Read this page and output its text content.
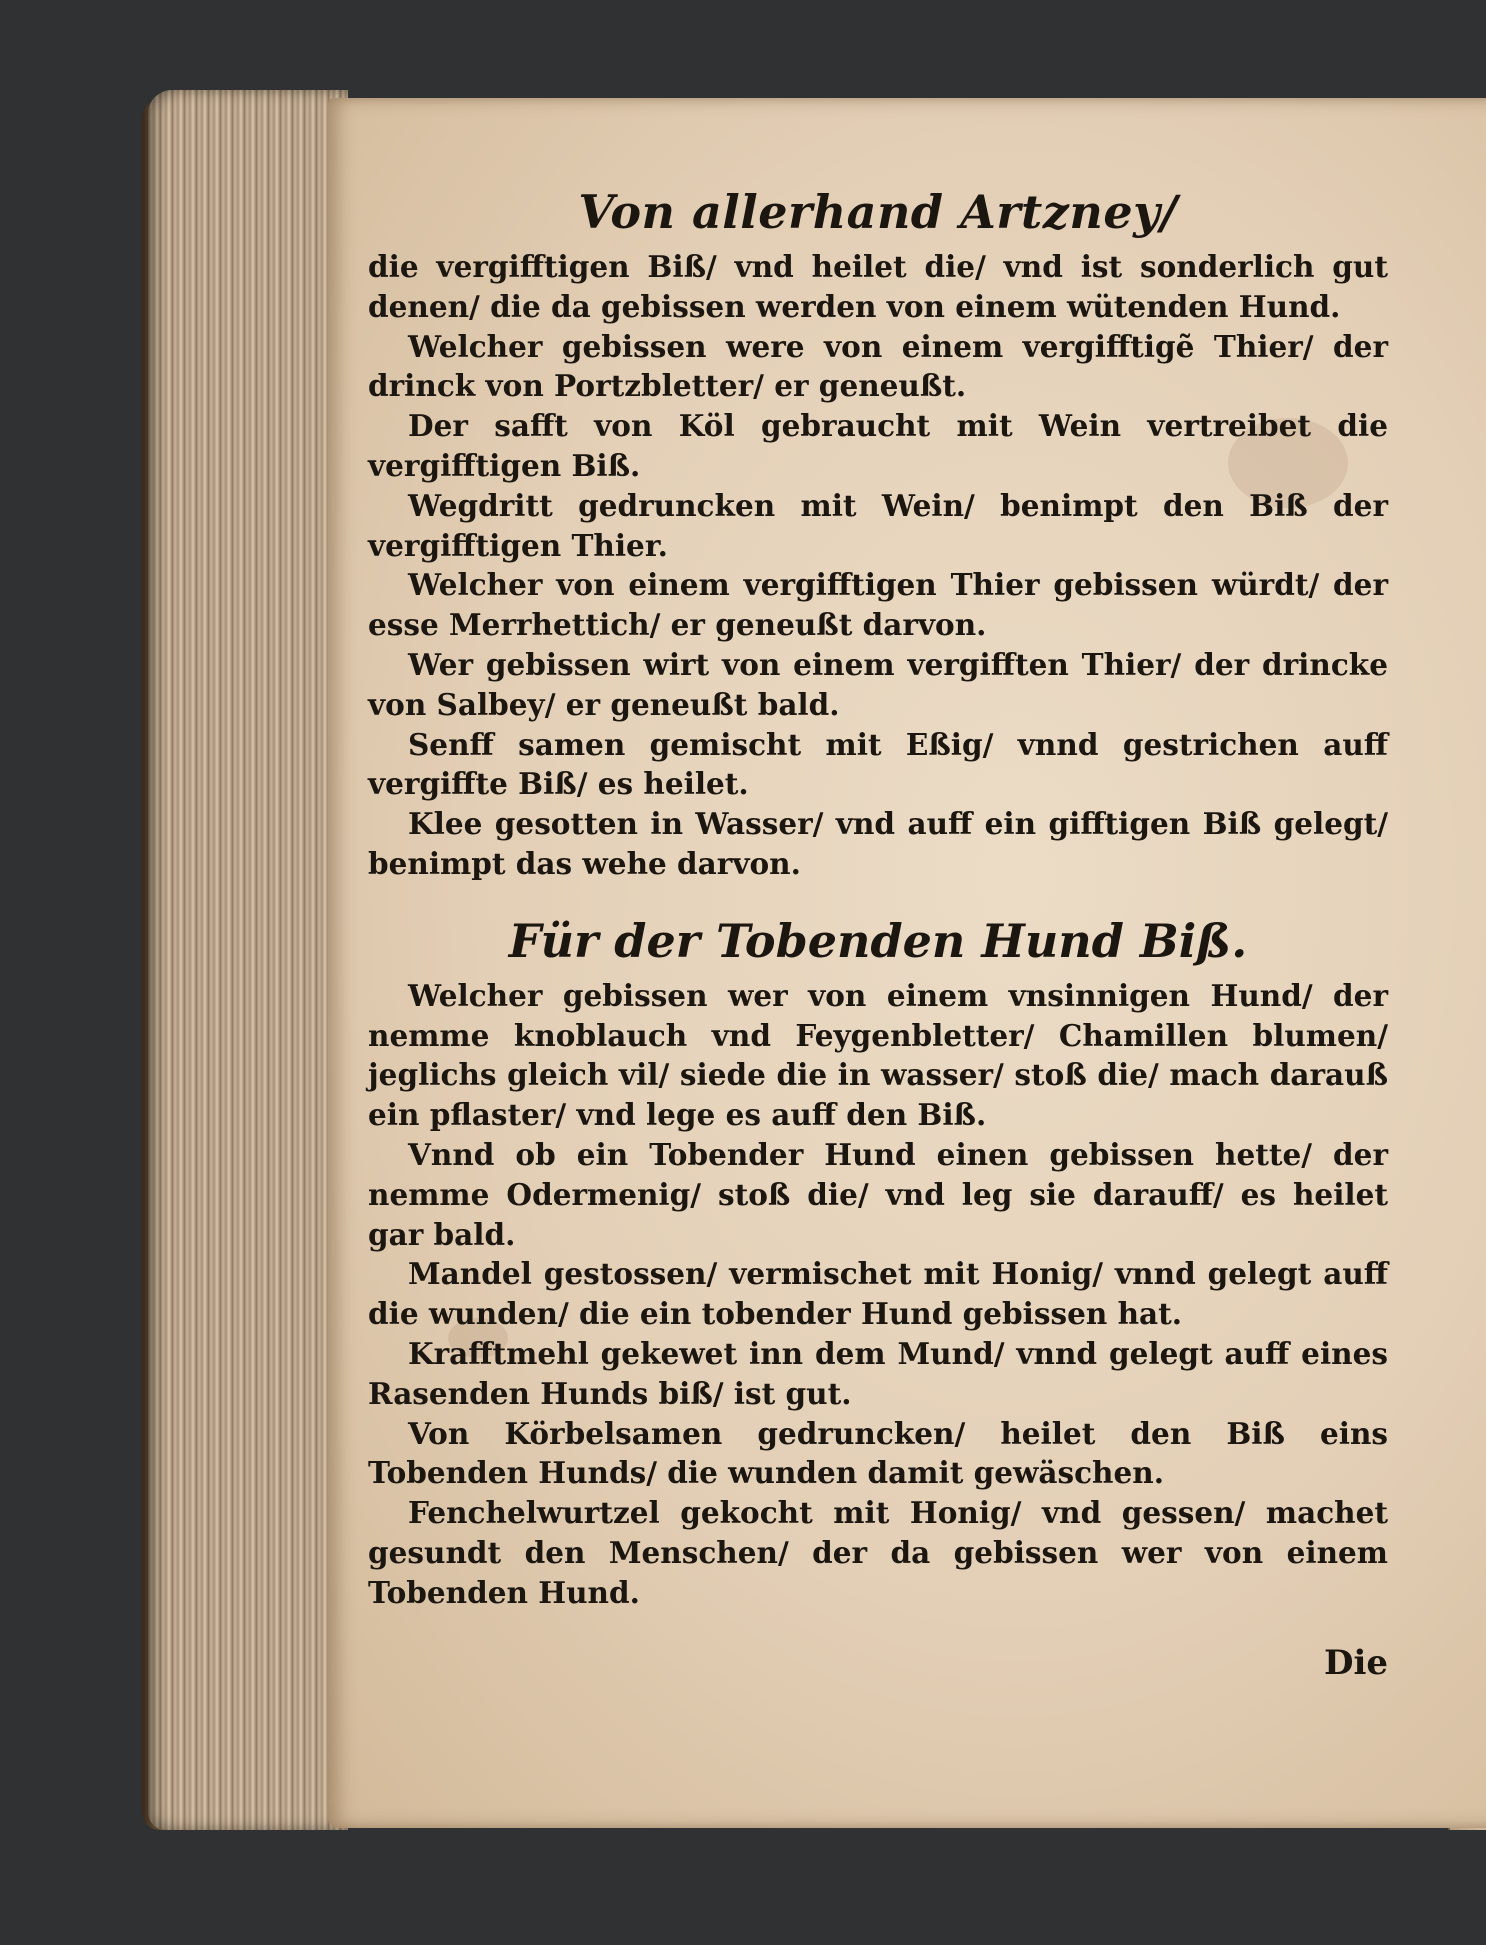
Von allerhand Artzney/

die vergifftigen Biß/ vnd heilet die/ vnd ist sonderlich gut denen/ die da gebissen werden von einem wütenden Hund.

Welcher gebissen were von einem vergifftigẽ Thier/ der drinck von Portzbletter/ er geneußt.

Der safft von Köl gebraucht mit Wein vertreibet die vergifftigen Biß.

Wegdritt gedruncken mit Wein/ benimpt den Biß der vergifftigen Thier.

Welcher von einem vergifftigen Thier gebissen würdt/ der esse Merrhettich/ er geneußt darvon.

Wer gebissen wirt von einem vergifften Thier/ der drincke von Salbey/ er geneußt bald.

Senff samen gemischt mit Eßig/ vnnd gestrichen auff vergiffte Biß/ es heilet.

Klee gesotten in Wasser/ vnd auff ein gifftigen Biß gelegt/ benimpt das wehe darvon.

Für der Tobenden Hund Biß.

Welcher gebissen wer von einem vnsinnigen Hund/ der nemme knoblauch vnd Feygenbletter/ Chamillen blumen/ jeglichs gleich vil/ siede die in wasser/ stoß die/ mach darauß ein pflaster/ vnd lege es auff den Biß.

Vnnd ob ein Tobender Hund einen gebissen hette/ der nemme Odermenig/ stoß die/ vnd leg sie darauff/ es heilet gar bald.

Mandel gestossen/ vermischet mit Honig/ vnnd gelegt auff die wunden/ die ein tobender Hund gebissen hat.

Krafftmehl gekewet inn dem Mund/ vnnd gelegt auff eines Rasenden Hunds biß/ ist gut.

Von Körbelsamen gedruncken/ heilet den Biß eins Tobenden Hunds/ die wunden damit gewäschen.

Fenchelwurtzel gekocht mit Honig/ vnd gessen/ machet gesundt den Menschen/ der da gebissen wer von einem Tobenden Hund.

Die
